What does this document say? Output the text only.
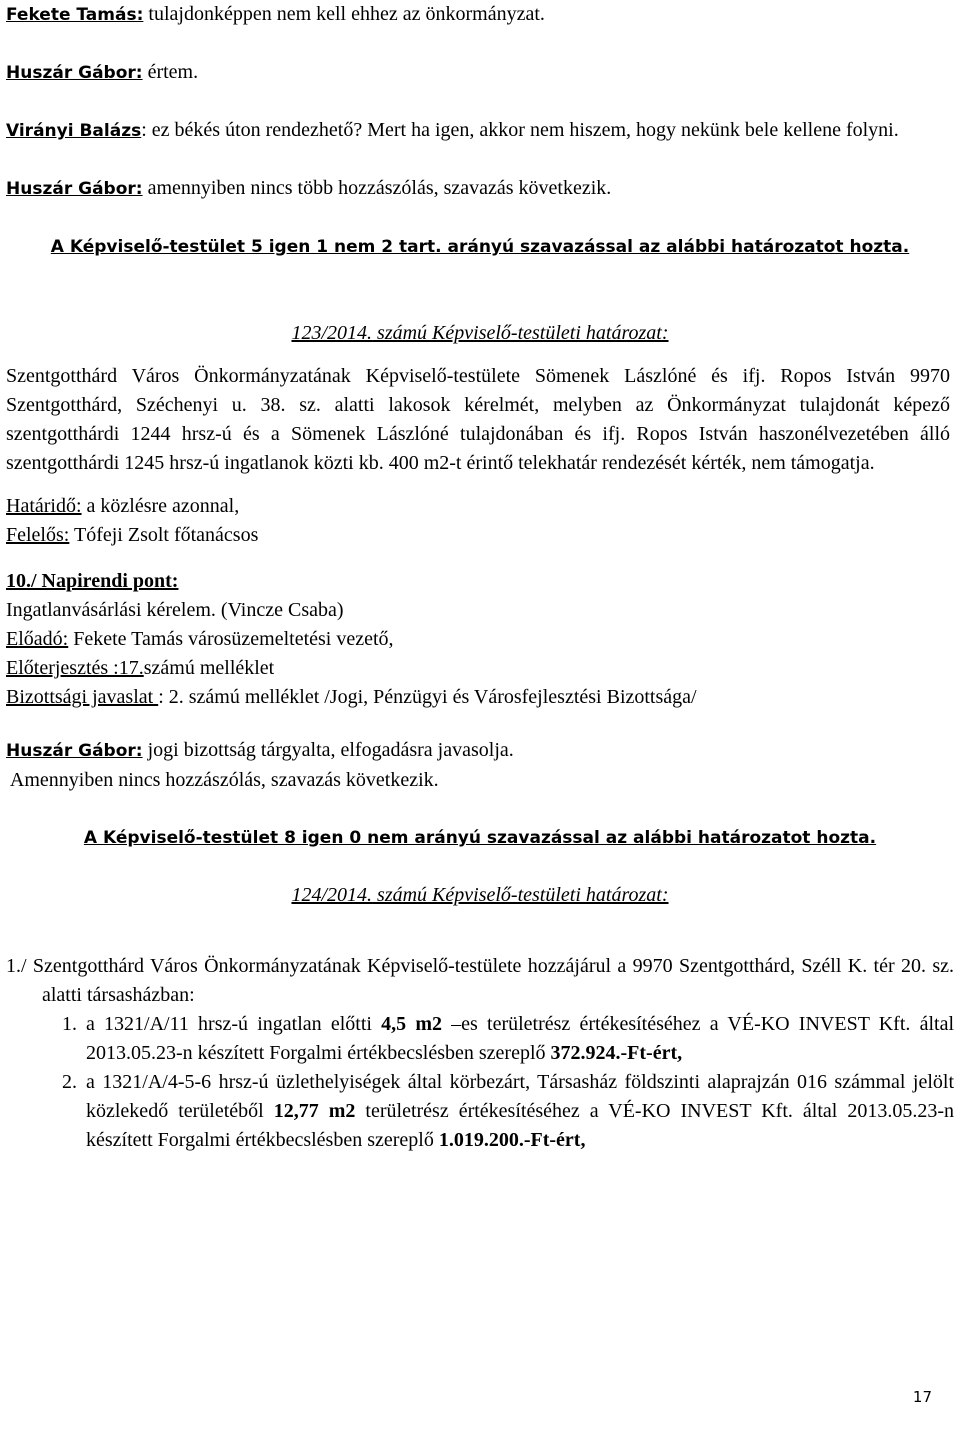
Fekete Tamás: tulajdonképpen nem kell ehhez az önkormányzat.

Huszár Gábor: értem.

Virányi Balázs: ez békés úton rendezhető? Mert ha igen, akkor nem hiszem, hogy nekünk bele kellene folyni.

Huszár Gábor: amennyiben nincs több hozzászólás, szavazás következik.

A Képviselő-testület 5 igen 1 nem 2 tart. arányú szavazással az alábbi határozatot hozta.

123/2014. számú Képviselő-testületi határozat:

Szentgotthárd Város Önkormányzatának Képviselő-testülete Sömenek Lászlóné és ifj. Ropos István 9970 Szentgotthárd, Széchenyi u. 38. sz. alatti lakosok kérelmét, melyben az Önkormányzat tulajdonát képező szentgotthárdi 1244 hrsz-ú és a Sömenek Lászlóné tulajdonában és ifj. Ropos István haszonélvezetében álló szentgotthárdi 1245 hrsz-ú ingatlanok közti kb. 400 m2-t érintő telekhatár rendezését kérték, nem támogatja.

Határidő: a közlésre azonnal,

Felelős: Tófeji Zsolt főtanácsos

10./ Napirendi pont:

Ingatlanvásárlási kérelem. (Vincze Csaba)

Előadó: Fekete Tamás városüzemeltetési vezető,

Előterjesztés :17.számú melléklet

Bizottsági javaslat : 2. számú melléklet /Jogi, Pénzügyi és Városfejlesztési Bizottsága/

Huszár Gábor: jogi bizottság tárgyalta, elfogadásra javasolja.

Amennyiben nincs hozzászólás, szavazás következik.

A Képviselő-testület 8 igen 0 nem arányú szavazással az alábbi határozatot hozta.

124/2014. számú Képviselő-testületi határozat:

1./ Szentgotthárd Város Önkormányzatának Képviselő-testülete hozzájárul a 9970 Szentgotthárd, Széll K. tér 20. sz. alatti társasházban:

1. a 1321/A/11 hrsz-ú ingatlan előtti 4,5 m2 –es területrész értékesítéséhez a VÉ-KO INVEST Kft. által 2013.05.23-n készített Forgalmi értékbecslésben szereplő 372.924.-Ft-ért,
2. a 1321/A/4-5-6 hrsz-ú üzlethelyiségek által körbezárt, Társasház földszinti alaprajzán 016 számmal jelölt közlekedő területéből 12,77 m2 területrész értékesítéséhez a VÉ-KO INVEST Kft. által 2013.05.23-n készített Forgalmi értékbecslésben szereplő 1.019.200.-Ft-ért,
17
